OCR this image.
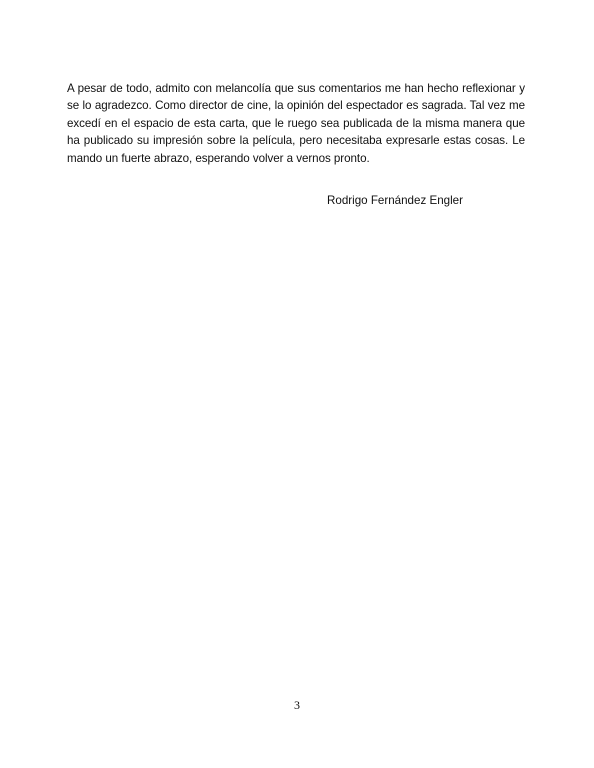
A pesar de todo, admito con melancolía que sus comentarios me han hecho reflexionar y se lo agradezco. Como director de cine, la opinión del espectador es sagrada. Tal vez me excedí en el espacio de esta carta, que le ruego sea publicada de la misma manera que ha publicado su impresión sobre la película, pero necesitaba expresarle estas cosas. Le mando un fuerte abrazo, esperando volver a vernos pronto.

Rodrigo Fernández Engler

3
